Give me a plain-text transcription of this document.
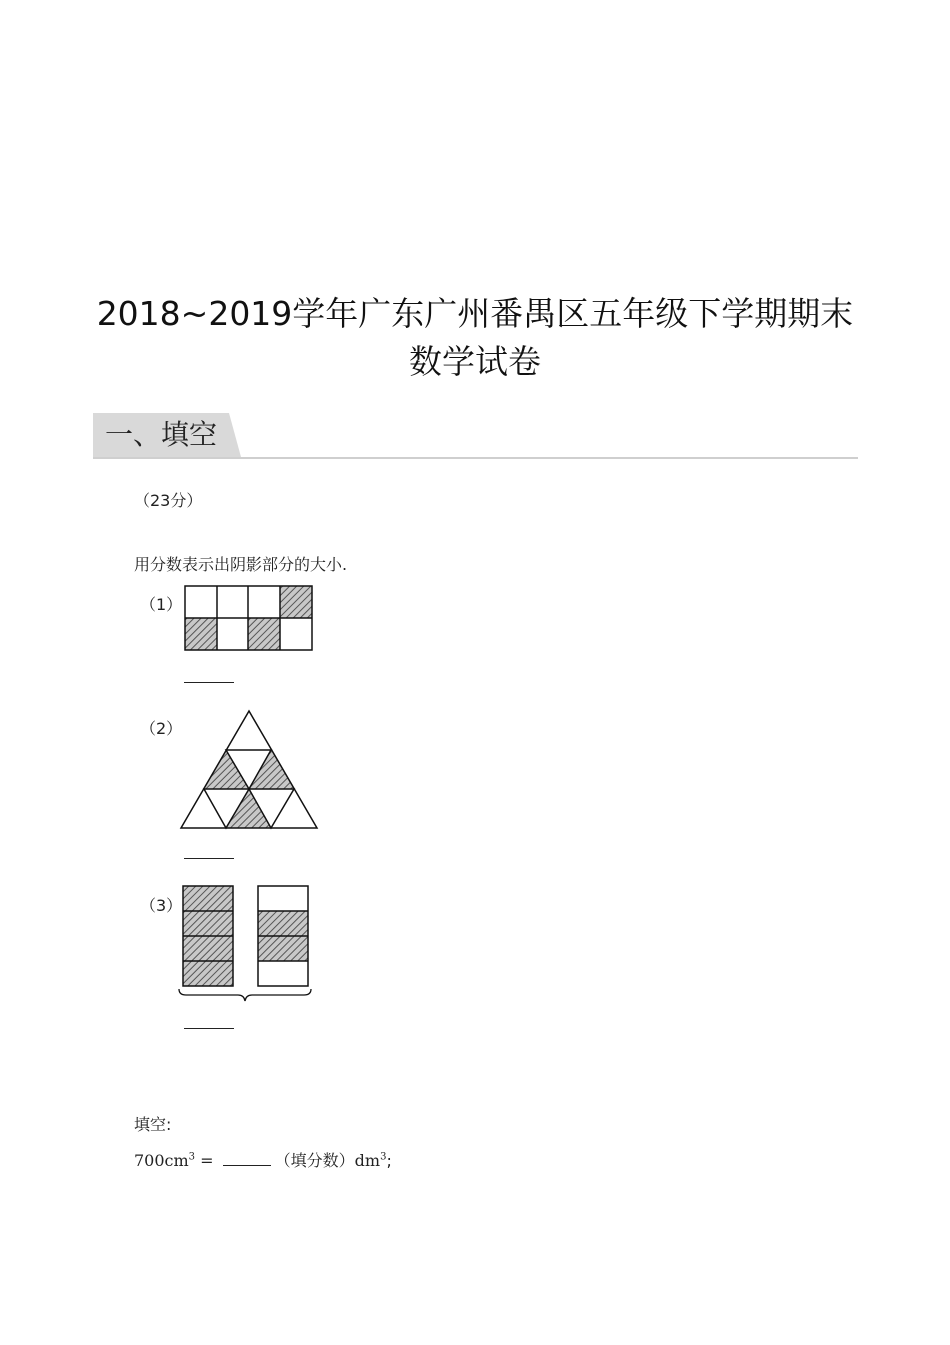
2018~2019学年广东广州番禺区五年级下学期期末
数学试卷
一、填空
（23分）
用分数表示出阴影部分的大小.
（1）
（2）
（3）
填空:
$700cm^3$ =	（填分数）$dm^3$;
